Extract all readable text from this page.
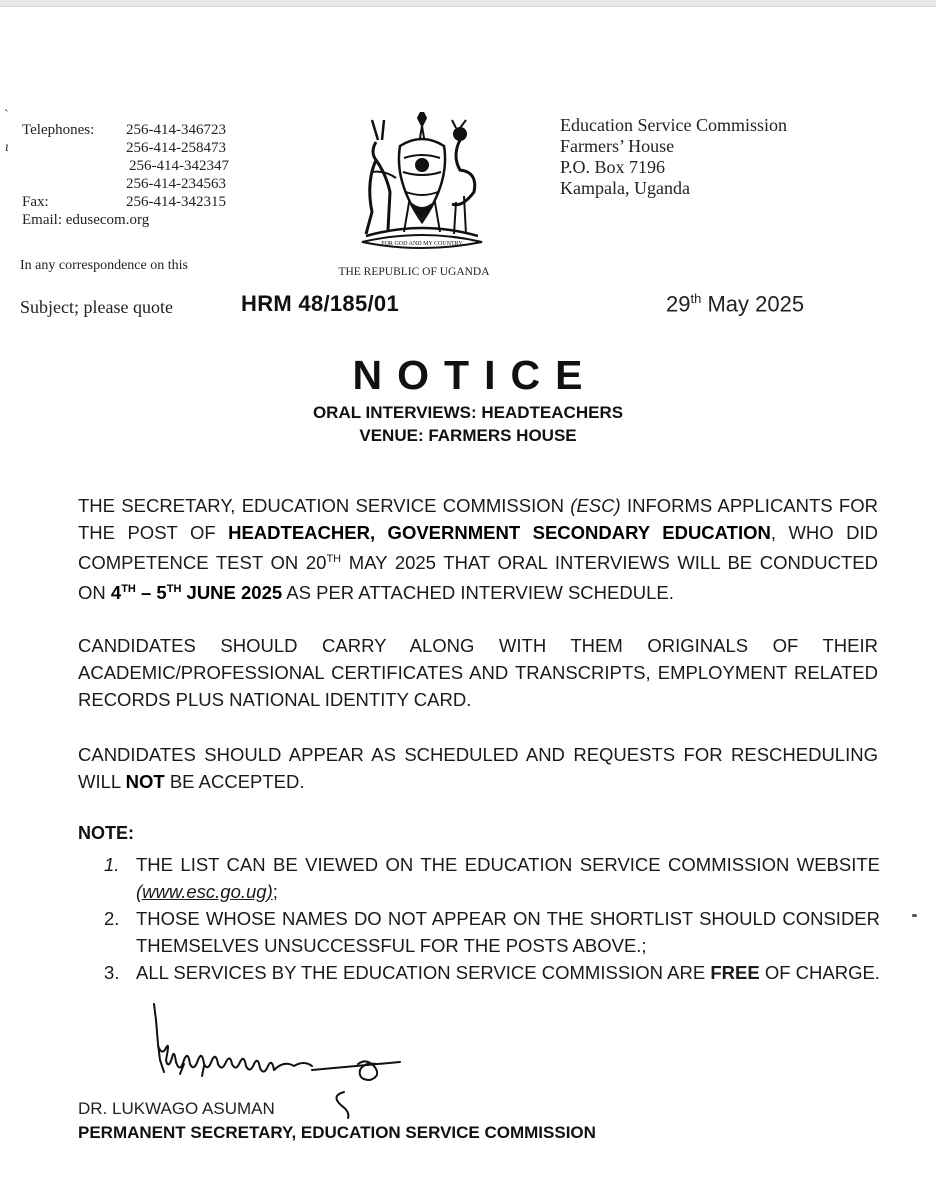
`
ɩ
Telephones:	256-414-346723
256-414-258473
256-414-342347
256-414-234563
Fax:	256-414-342315
Email: edusecom.org
In any correspondence on this
Subject; please quote	HRM 48/185/01	29th May 2025
FOR GOD AND MY COUNTRY
THE REPUBLIC OF UGANDA
Education Service Commission
Farmers’ House
P.O. Box 7196
Kampala, Uganda
NOTICE
ORAL INTERVIEWS: HEADTEACHERS
VENUE: FARMERS HOUSE
THE SECRETARY, EDUCATION SERVICE COMMISSION (ESC) INFORMS APPLICANTS FOR THE POST OF HEADTEACHER, GOVERNMENT SECONDARY EDUCATION, WHO DID COMPETENCE TEST ON 20TH MAY 2025 THAT ORAL INTERVIEWS WILL BE CONDUCTED ON 4TH – 5TH JUNE 2025 AS PER ATTACHED INTERVIEW SCHEDULE.
CANDIDATES SHOULD CARRY ALONG WITH THEM ORIGINALS OF THEIR ACADEMIC/PROFESSIONAL CERTIFICATES AND TRANSCRIPTS, EMPLOYMENT RELATED RECORDS PLUS NATIONAL IDENTITY CARD.
CANDIDATES SHOULD APPEAR AS SCHEDULED AND REQUESTS FOR RESCHEDULING WILL NOT BE ACCEPTED.
NOTE:
1. THE LIST CAN BE VIEWED ON THE EDUCATION SERVICE COMMISSION WEBSITE (www.esc.go.ug);
2. THOSE WHOSE NAMES DO NOT APPEAR ON THE SHORTLIST SHOULD CONSIDER THEMSELVES UNSUCCESSFUL FOR THE POSTS ABOVE.;
3. ALL SERVICES BY THE EDUCATION SERVICE COMMISSION ARE FREE OF CHARGE.
DR. LUKWAGO ASUMAN
PERMANENT SECRETARY, EDUCATION SERVICE COMMISSION
